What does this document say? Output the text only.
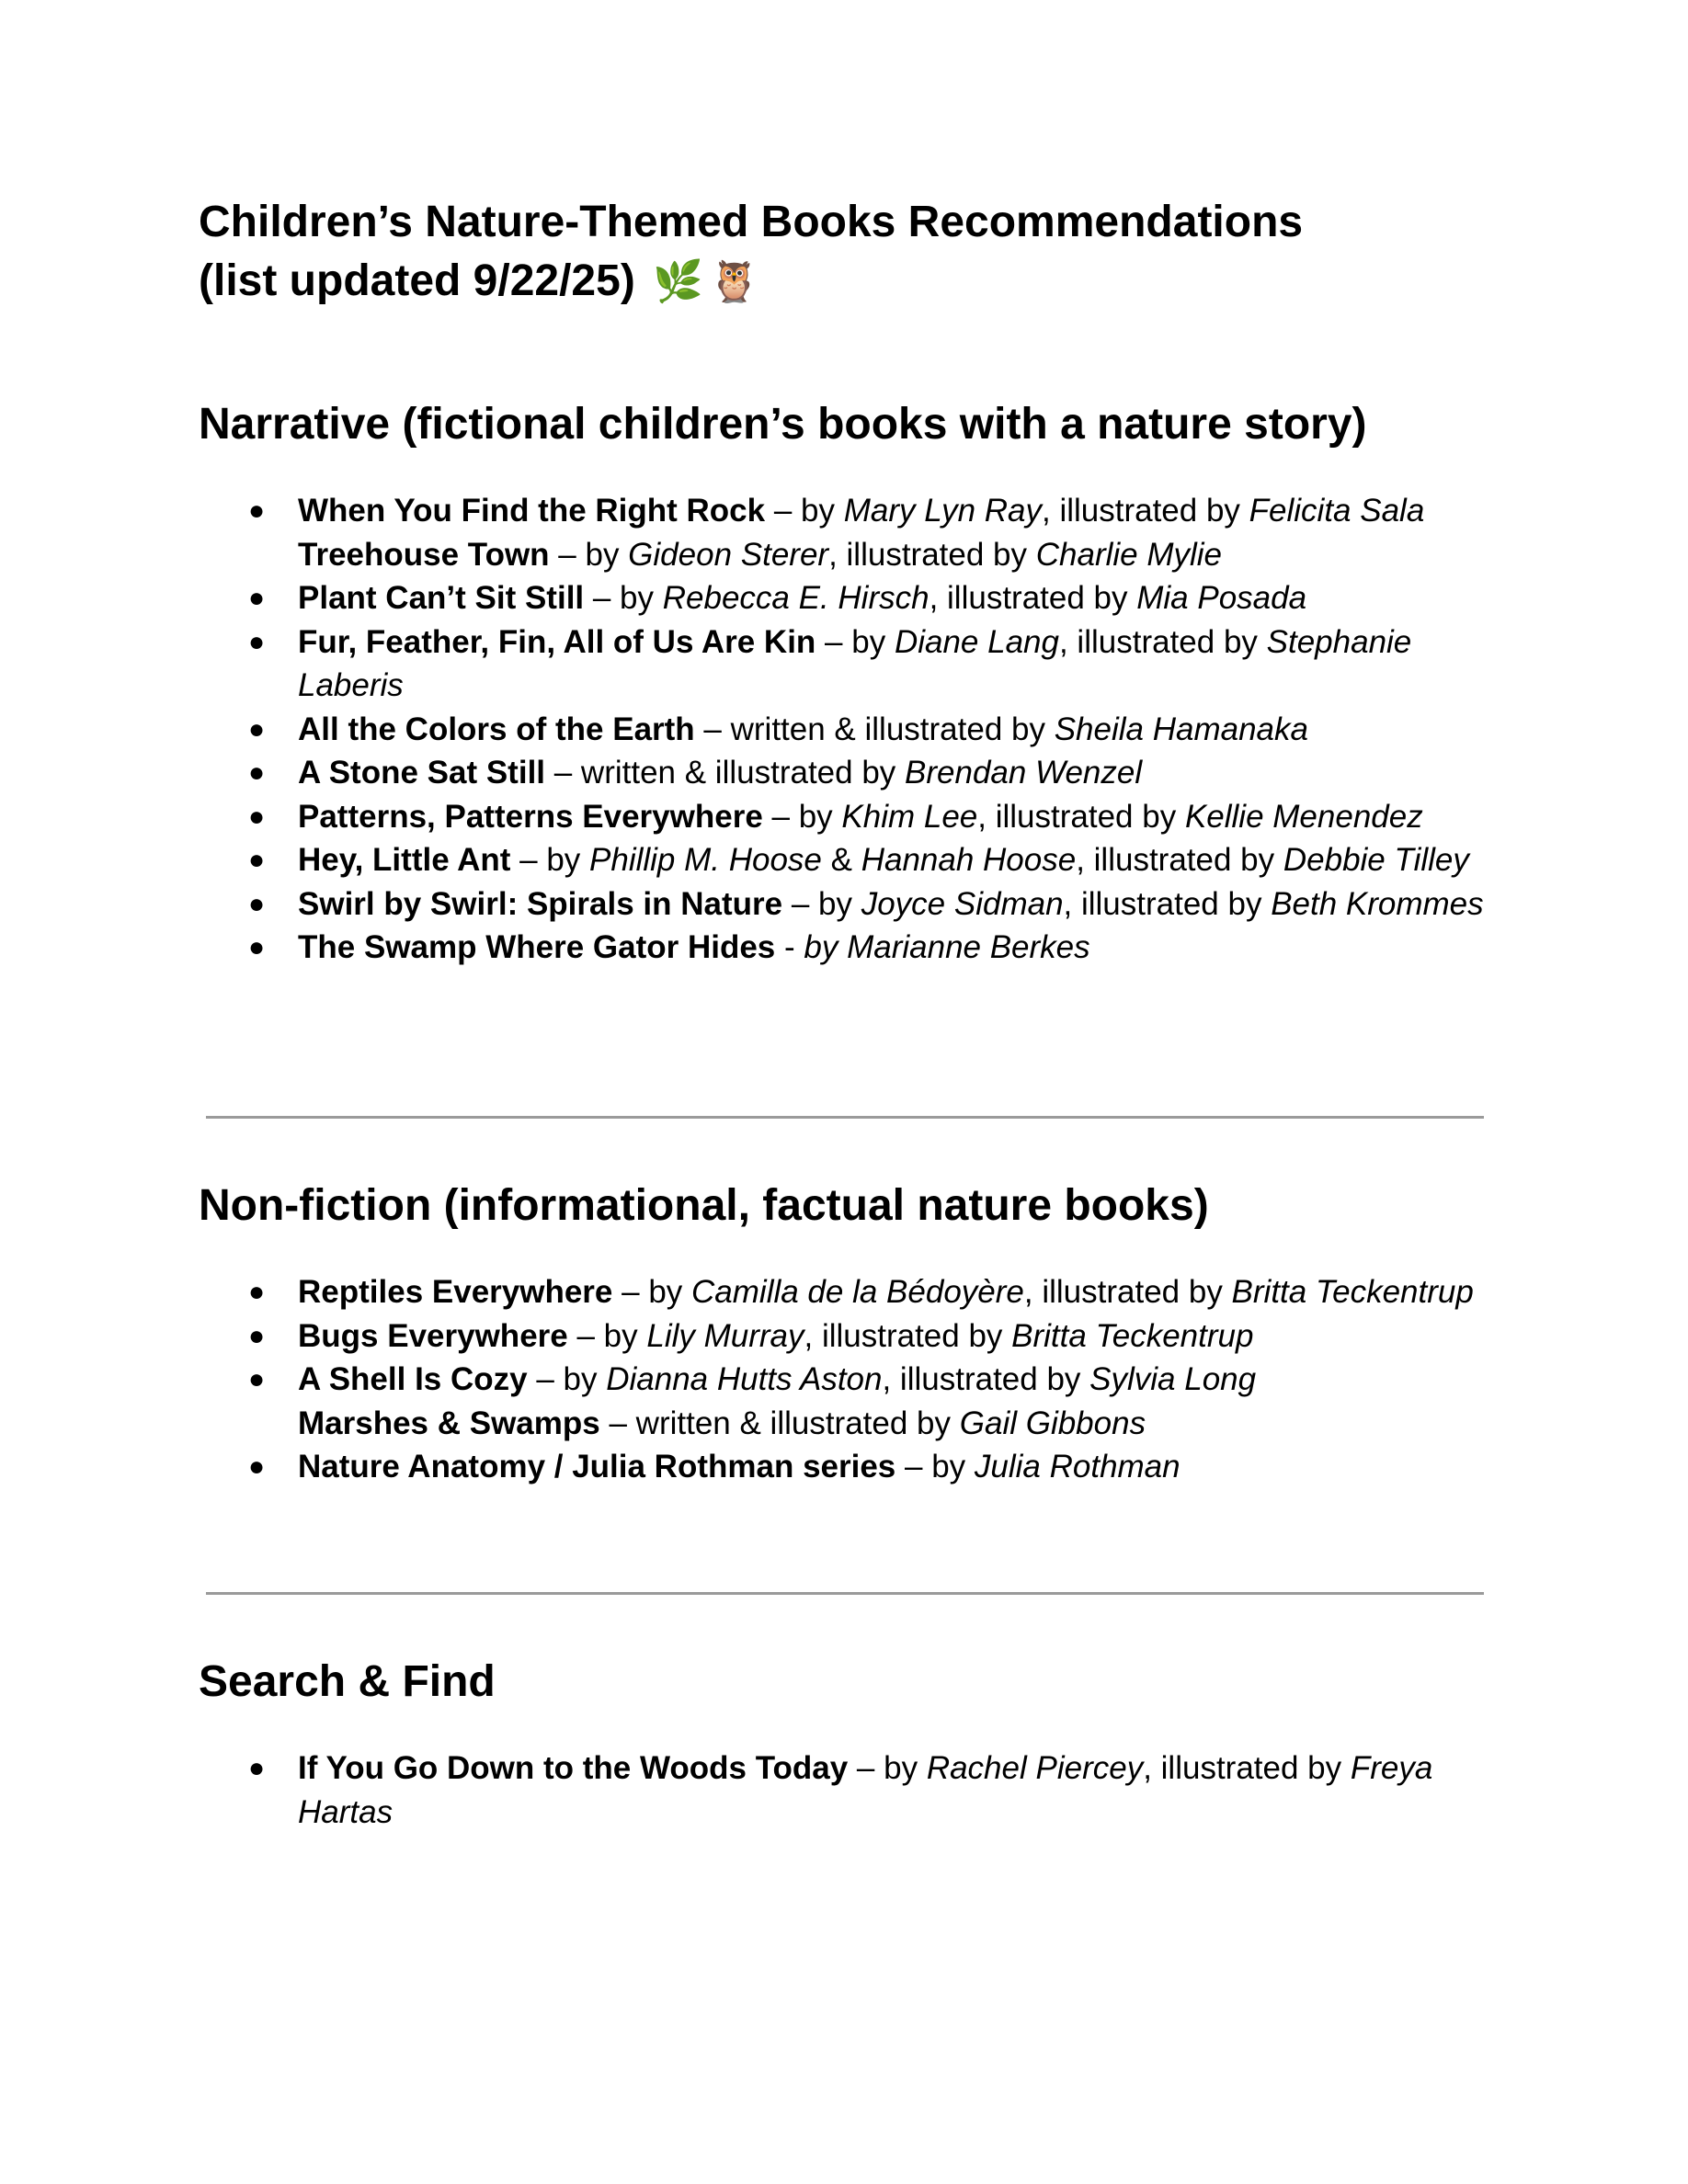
Children’s Nature-Themed Books Recommendations
(list updated 9/22/25) 🌿 🦉
Narrative (fictional children’s books with a nature story)
● When You Find the Right Rock – by Mary Lyn Ray, illustrated by Felicita Sala
Treehouse Town – by Gideon Sterer, illustrated by Charlie Mylie
● Plant Can’t Sit Still – by Rebecca E. Hirsch, illustrated by Mia Posada
● Fur, Feather, Fin, All of Us Are Kin – by Diane Lang, illustrated by Stephanie Laberis
● All the Colors of the Earth – written & illustrated by Sheila Hamanaka
● A Stone Sat Still – written & illustrated by Brendan Wenzel
● Patterns, Patterns Everywhere – by Khim Lee, illustrated by Kellie Menendez
● Hey, Little Ant – by Phillip M. Hoose & Hannah Hoose, illustrated by Debbie Tilley
● Swirl by Swirl: Spirals in Nature – by Joyce Sidman, illustrated by Beth Krommes
● The Swamp Where Gator Hides - by Marianne Berkes
Non-fiction (informational, factual nature books)
● Reptiles Everywhere – by Camilla de la Bédoyère, illustrated by Britta Teckentrup
● Bugs Everywhere – by Lily Murray, illustrated by Britta Teckentrup
● A Shell Is Cozy – by Dianna Hutts Aston, illustrated by Sylvia Long
Marshes & Swamps – written & illustrated by Gail Gibbons
● Nature Anatomy / Julia Rothman series – by Julia Rothman
Search & Find
● If You Go Down to the Woods Today – by Rachel Piercey, illustrated by Freya Hartas
